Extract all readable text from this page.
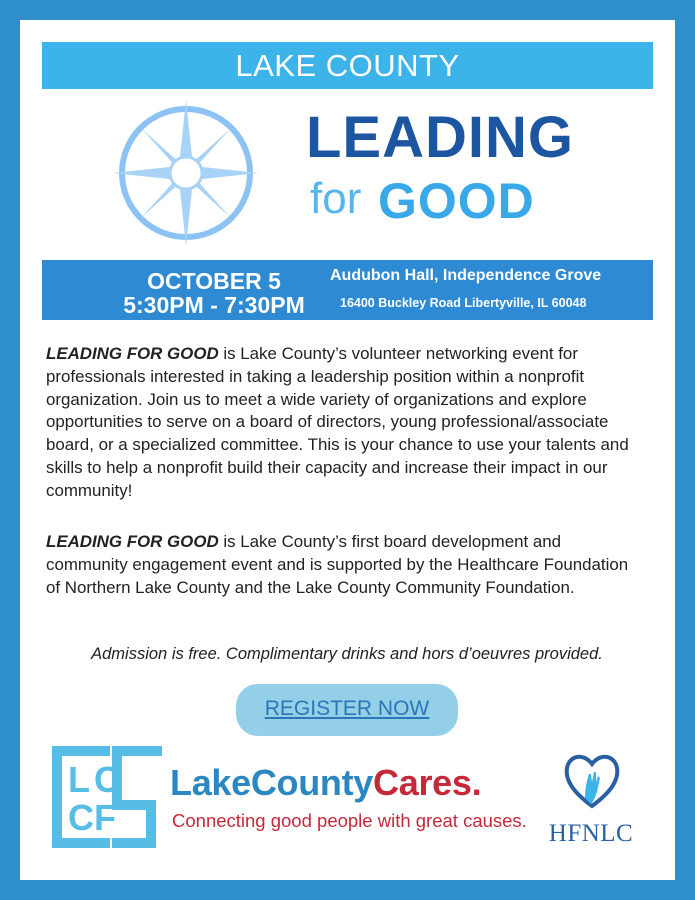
LAKE COUNTY
LEADING
for GOOD
OCTOBER 5
5:30PM - 7:30PM
Audubon Hall, Independence Grove
16400 Buckley Road Libertyville, IL 60048
LEADING FOR GOOD is Lake County’s volunteer networking event for professionals interested in taking a leadership position within a nonprofit organization. Join us to meet a wide variety of organizations and explore opportunities to serve on a board of directors, young professional/associate board, or a specialized committee. This is your chance to use your talents and skills to help a nonprofit build their capacity and increase their impact in our community!
LEADING FOR GOOD is Lake County’s first board development and community engagement event and is supported by the Healthcare Foundation of Northern Lake County and the Lake County Community Foundation.
Admission is free. Complimentary drinks and hors d’oeuvres provided.
REGISTER NOW
L C
C F
LakeCountyCares.
Connecting good people with great causes. HFNLC
